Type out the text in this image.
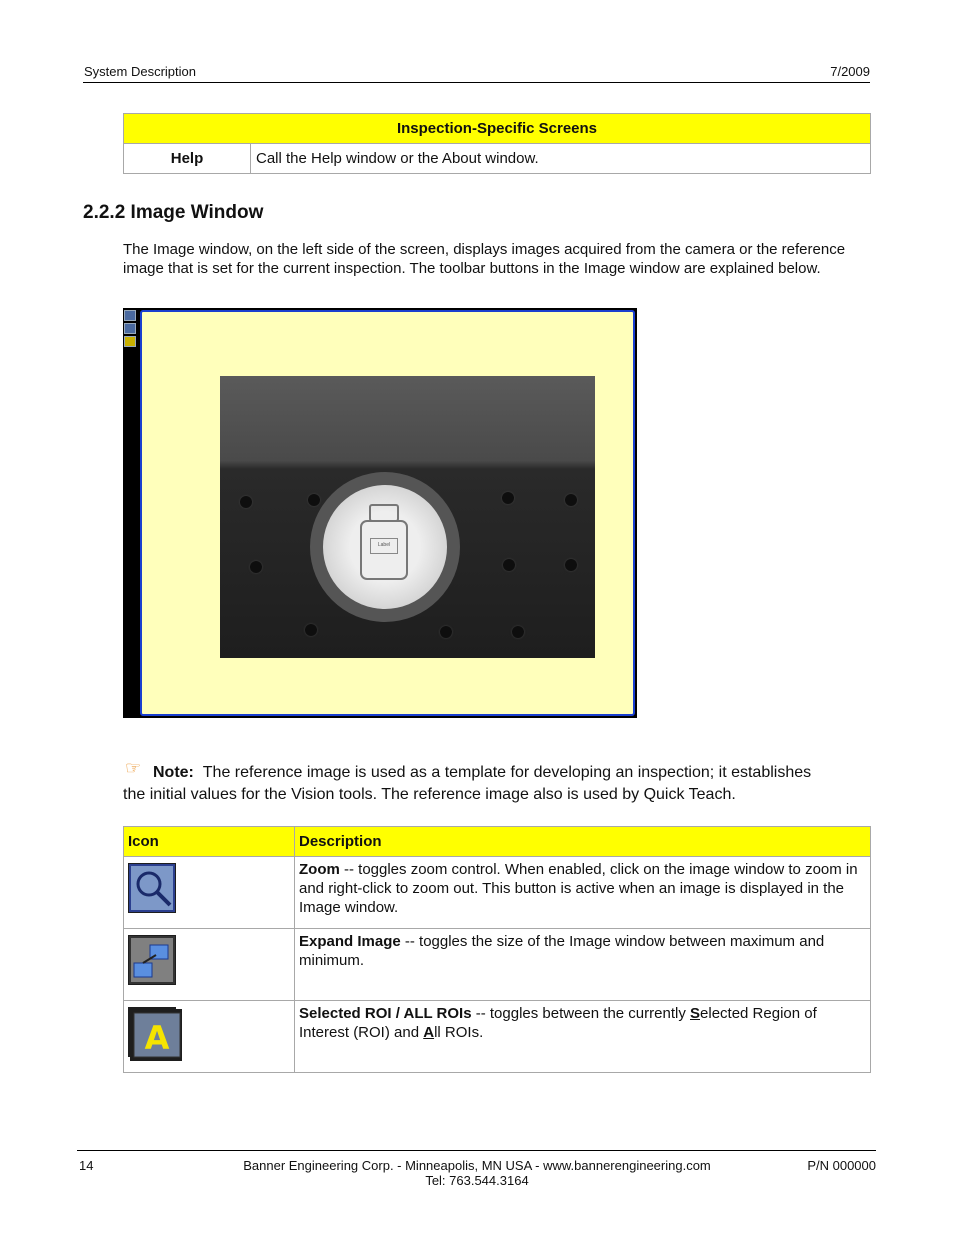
System Description	7/2009
Inspection-Specific Screens
Help	Call the Help window or the About window.
2.2.2 Image Window
The Image window, on the left side of the screen, displays images acquired from the camera or the reference image that is set for the current inspection. The toolbar buttons in the Image window are explained below.
Label
☞ Note: The reference image is used as a template for developing an inspection; it establishes
the initial values for the Vision tools. The reference image also is used by Quick Teach.
Icon	Description

	Zoom -- toggles zoom control. When enabled, click on the image window to zoom in and right-click to zoom out. This button is active when an image is displayed in the Image window.

	Expand Image -- toggles the size of the Image window between maximum and minimum.

A	Selected ROI / ALL ROIs -- toggles between the currently Selected Region of Interest (ROI) and All ROIs.
14	Banner Engineering Corp. - Minneapolis, MN USA - www.bannerengineering.com
Tel: 763.544.3164
P/N 000000
